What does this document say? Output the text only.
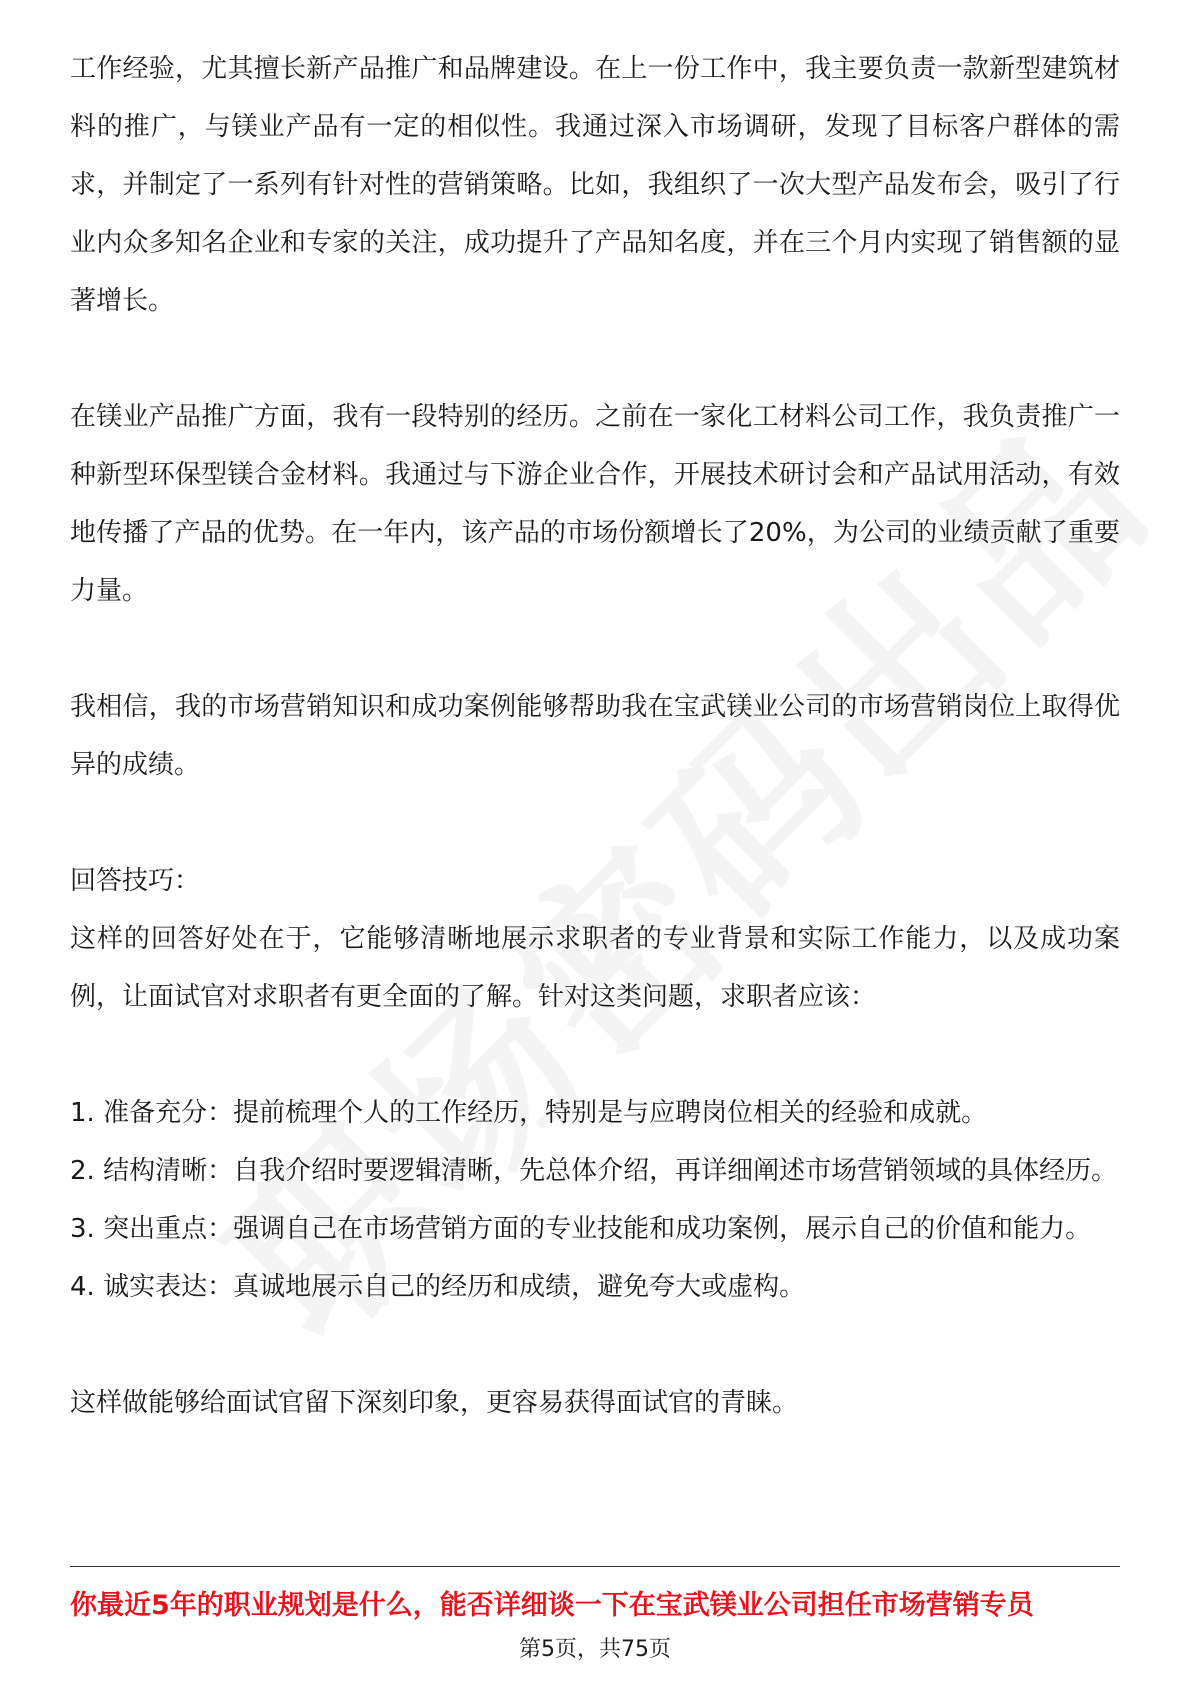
工作经验，尤其擅长新产品推广和品牌建设。在上一份工作中，我主要负责一款新型建筑材料的推广，与镁业产品有一定的相似性。我通过深入市场调研，发现了目标客户群体的需求，并制定了一系列有针对性的营销策略。比如，我组织了一次大型产品发布会，吸引了行业内众多知名企业和专家的关注，成功提升了产品知名度，并在三个月内实现了销售额的显著增长。

在镁业产品推广方面，我有一段特别的经历。之前在一家化工材料公司工作，我负责推广一种新型环保型镁合金材料。我通过与下游企业合作，开展技术研讨会和产品试用活动，有效地传播了产品的优势。在一年内，该产品的市场份额增长了20%，为公司的业绩贡献了重要力量。

我相信，我的市场营销知识和成功案例能够帮助我在宝武镁业公司的市场营销岗位上取得优异的成绩。

回答技巧：

这样的回答好处在于，它能够清晰地展示求职者的专业背景和实际工作能力，以及成功案例，让面试官对求职者有更全面的了解。针对这类问题，求职者应该：

1. 准备充分：提前梳理个人的工作经历，特别是与应聘岗位相关的经验和成就。

2. 结构清晰：自我介绍时要逻辑清晰，先总体介绍，再详细阐述市场营销领域的具体经历。

3. 突出重点：强调自己在市场营销方面的专业技能和成功案例，展示自己的价值和能力。

4. 诚实表达：真诚地展示自己的经历和成绩，避免夸大或虚构。

这样做能够给面试官留下深刻印象，更容易获得面试官的青睐。

你最近5年的职业规划是什么，能否详细谈一下在宝武镁业公司担任市场营销专员
第5页，共75页
